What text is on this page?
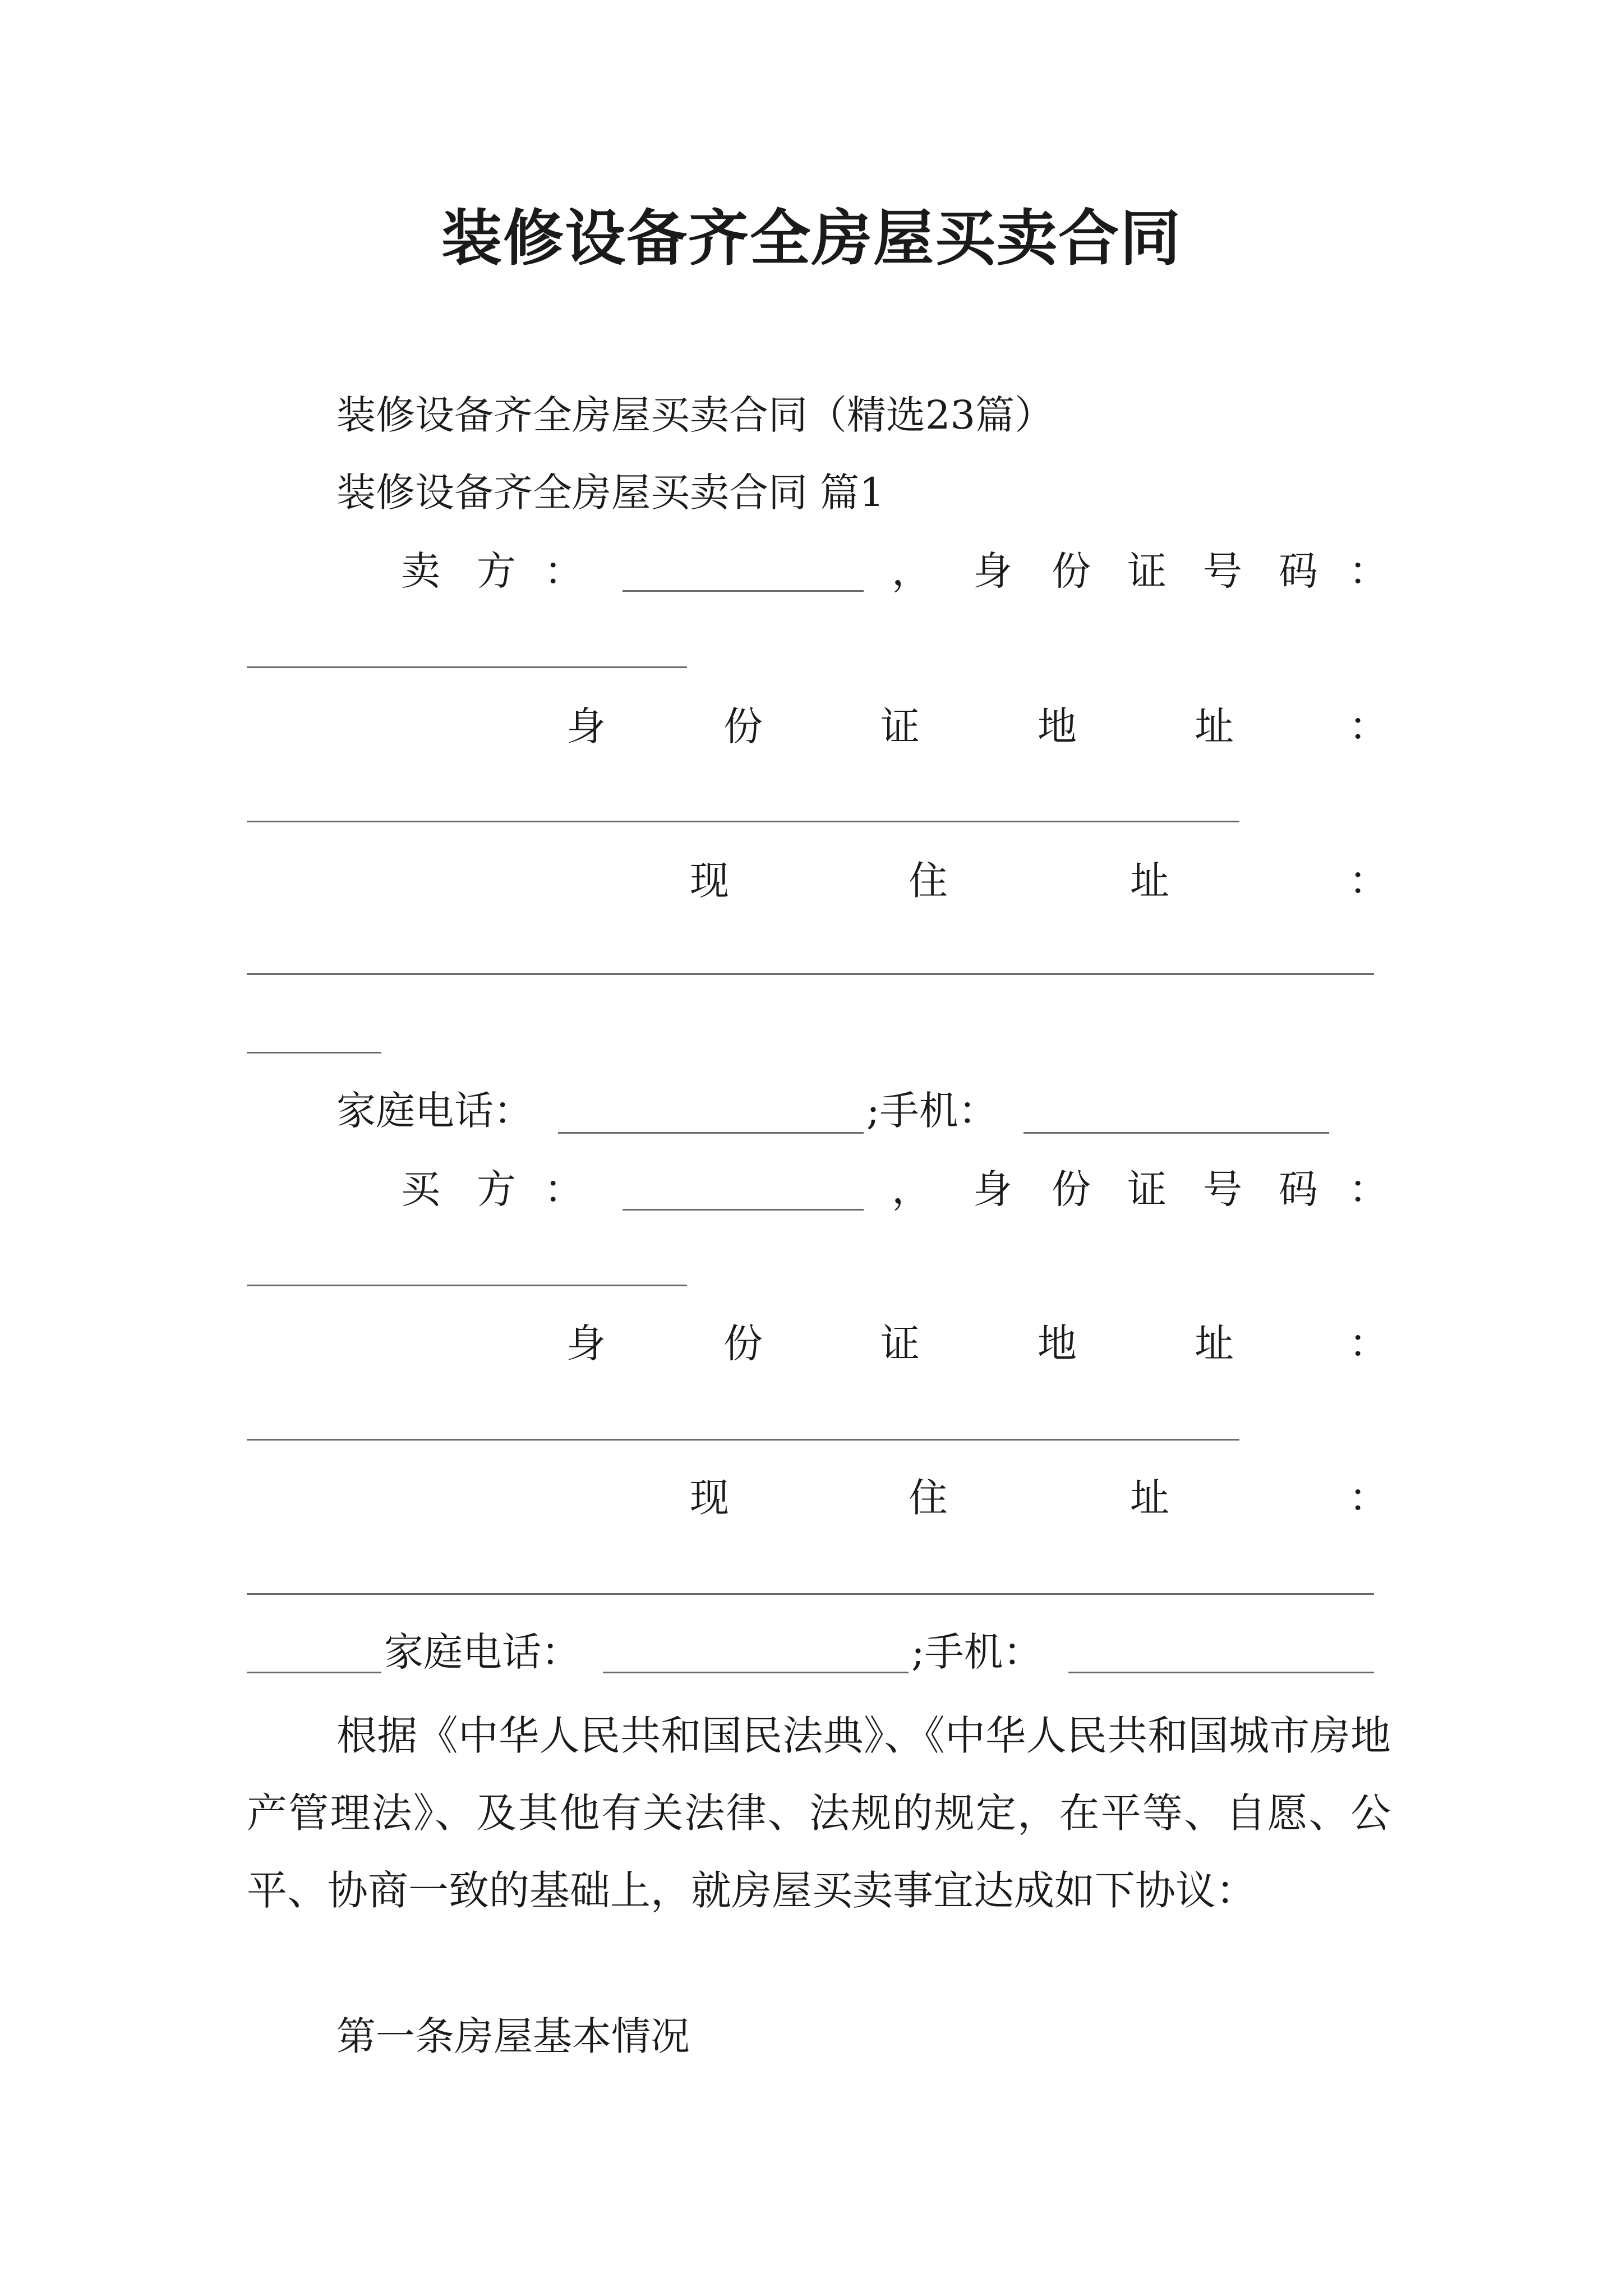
装修设备齐全房屋买卖合同
装修设备齐全房屋买卖合同（精选23篇）
装修设备齐全房屋买卖合同 篇1
卖 方 ：	， 身 份 证 号 码 ：
身	份	证	地	址	：
现	住	址	：
家庭电话：	;手机：
买 方 ：	， 身 份 证 号 码 ：
身	份	证	地	址	：
现	住	址	：
家庭电话：	;手机：
根据《中华人民共和国民法典》、《中华人民共和国城市房地产管理法》、及其他有关法律、法规的规定，在平等、自愿、公平、协商一致的基础上，就房屋买卖事宜达成如下协议：
第一条房屋基本情况
